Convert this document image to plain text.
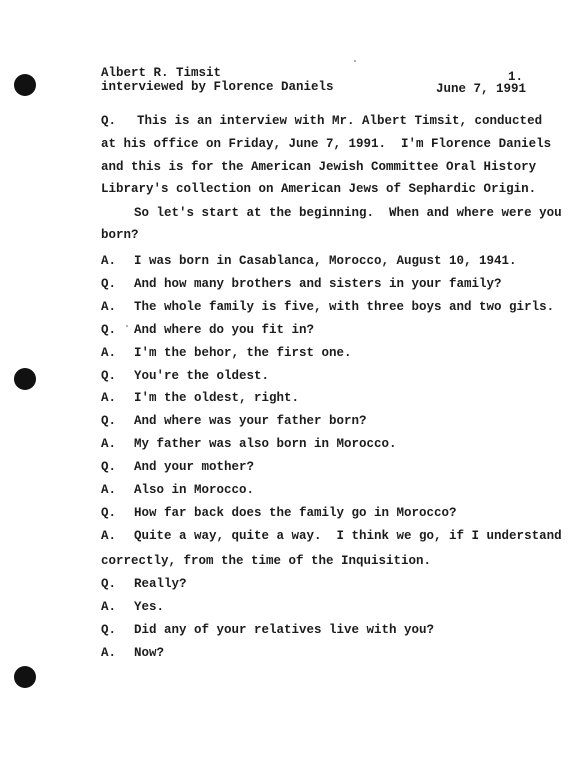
Albert R. Timsit
interviewed by Florence Daniels
1.
June 7, 1991
Q. This is an interview with Mr. Albert Timsit, conducted
at his office on Friday, June 7, 1991.  I'm Florence Daniels
and this is for the American Jewish Committee Oral History
Library's collection on American Jews of Sephardic Origin.
So let's start at the beginning.  When and where were you
born?
A. I was born in Casablanca, Morocco, August 10, 1941.
Q. And how many brothers and sisters in your family?
A. The whole family is five, with three boys and two girls.
Q. And where do you fit in?
A. I'm the behor, the first one.
Q. You're the oldest.
A. I'm the oldest, right.
Q. And where was your father born?
A. My father was also born in Morocco.
Q. And your mother?
A. Also in Morocco.
Q. How far back does the family go in Morocco?
A. Quite a way, quite a way.  I think we go, if I understand
correctly, from the time of the Inquisition.
Q. Really?
A. Yes.
Q. Did any of your relatives live with you?
A. Now?
